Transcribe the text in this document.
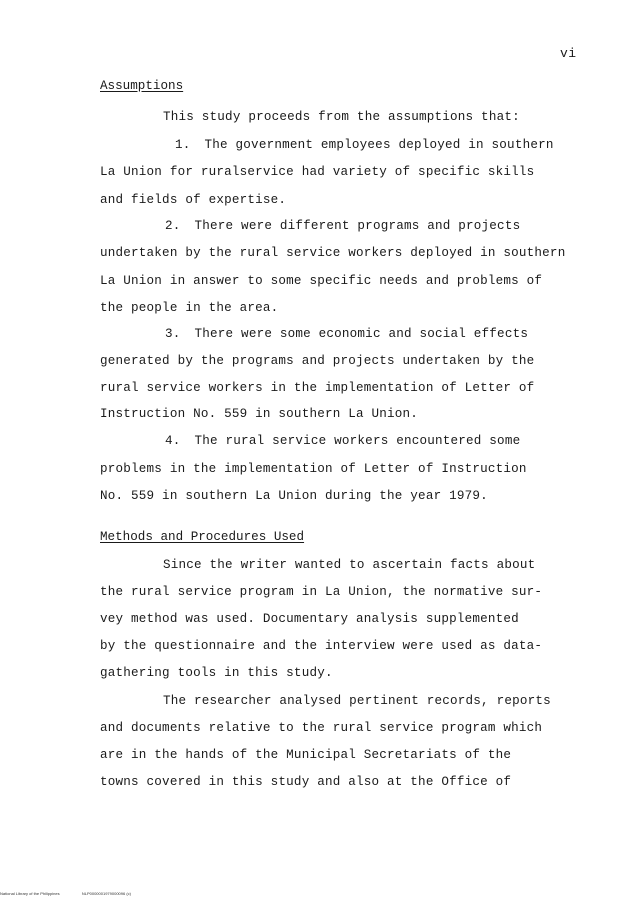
vi
Assumptions
This study proceeds from the assumptions that:
1. The government employees deployed in southern
La Union for ruralservice had variety of specific skills
and fields of expertise.
2. There were different programs and projects
undertaken by the rural service workers deployed in southern
La Union in answer to some specific needs and problems of
the people in the area.
3. There were some economic and social effects
generated by the programs and projects undertaken by the
rural service workers in the implementation of Letter of
Instruction No. 559 in southern La Union.
4. The rural service workers encountered some
problems in the implementation of Letter of Instruction
No. 559 in southern La Union during the year 1979.
Methods and Procedures Used
Since the writer wanted to ascertain facts about
the rural service program in La Union, the normative sur-
vey method was used. Documentary analysis supplemented
by the questionnaire and the interview were used as data-
gathering tools in this study.
The researcher analysed pertinent records, reports
and documents relative to the rural service program which
are in the hands of the Municipal Secretariats of the
towns covered in this study and also at the Office of
National Library of the Philippines	NLP0000001979000096 (c)
